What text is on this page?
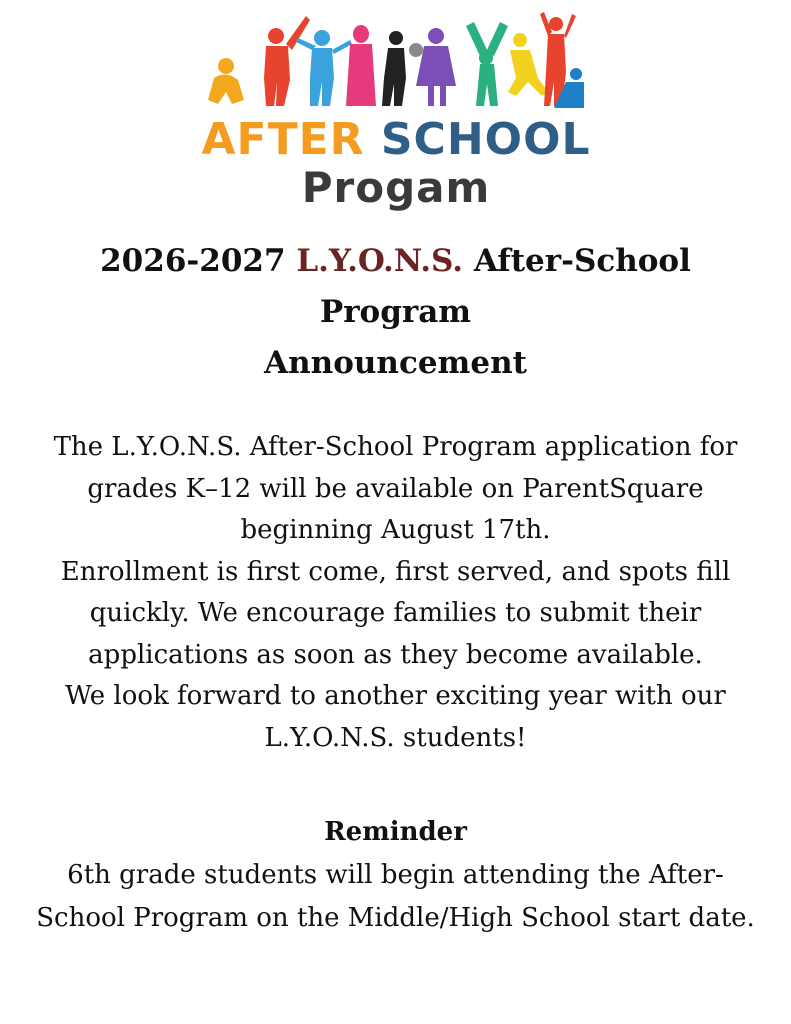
AFTER SCHOOL
Progam
2026-2027 L.Y.O.N.S. After-School
Program
Announcement

The L.Y.O.N.S. After-School Program application for grades K–12 will be available on ParentSquare beginning August 17th.

Enrollment is first come, first served, and spots fill quickly. We encourage families to submit their applications as soon as they become available.

We look forward to another exciting year with our L.Y.O.N.S. students!

Reminder

6th grade students will begin attending the After-School Program on the Middle/High School start date.
